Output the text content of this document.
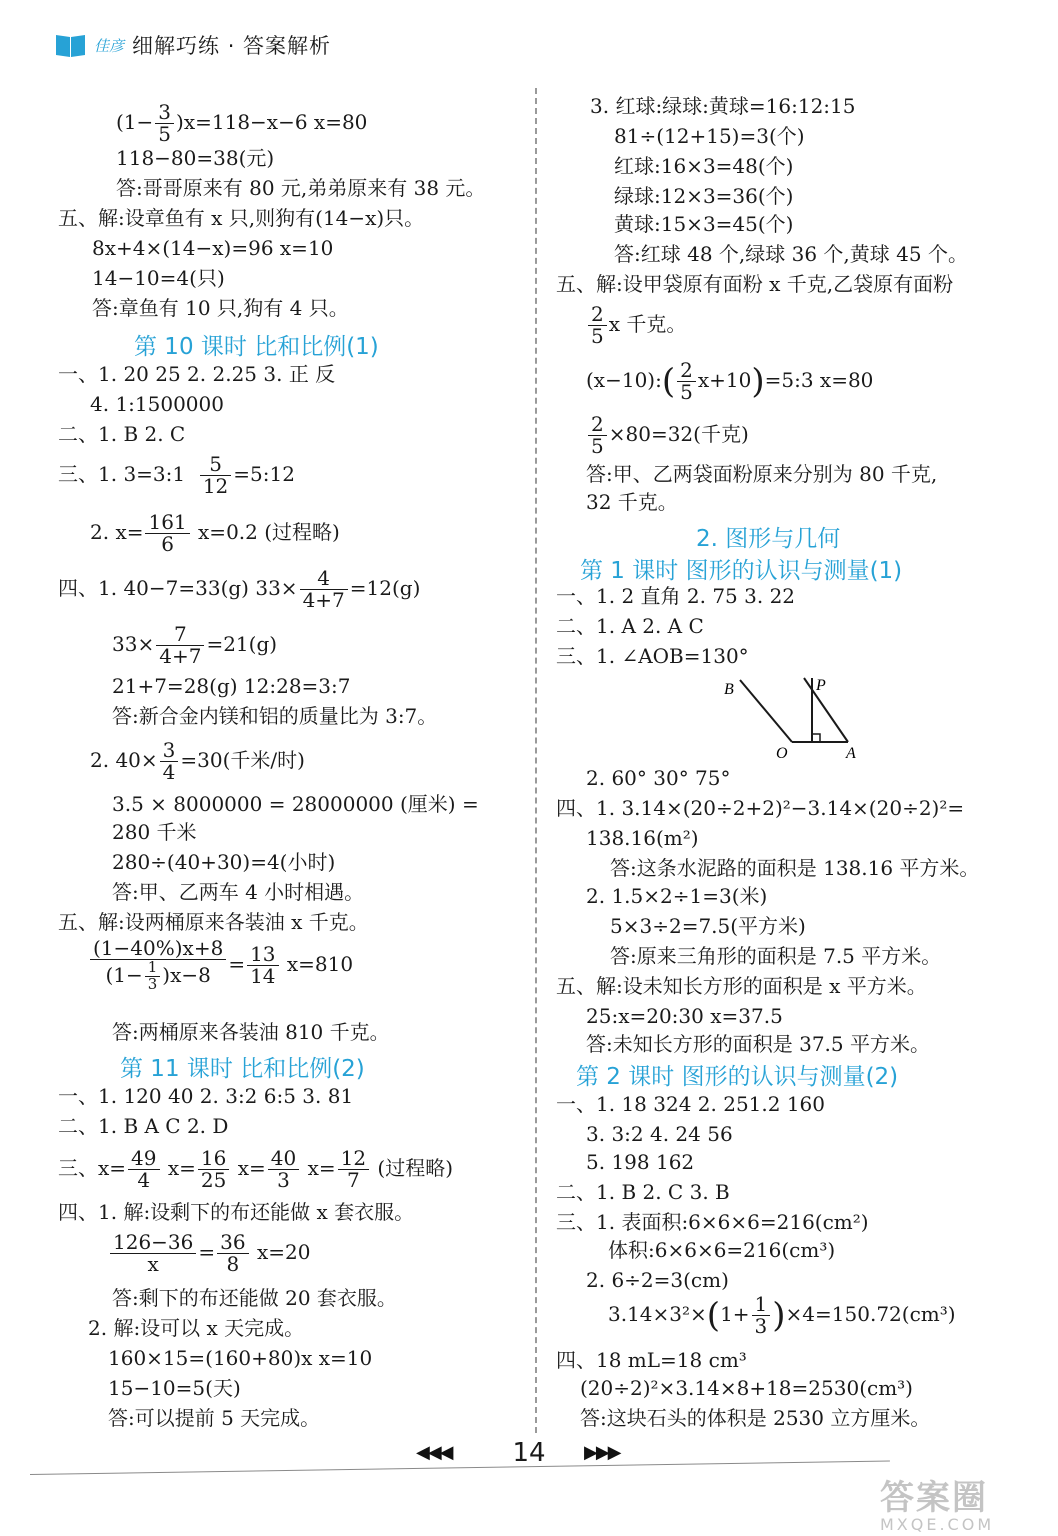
佳彦 细解巧练 · 答案解析
$(1- \frac{3}{5} )x=118-x-6$ x=80
118−80=38(元)
答:哥哥原来有 80 元,弟弟原来有 38 元。
五、解:设章鱼有 x 只,则狗有(14−x)只。
8x+4×(14−x)=96 x=10
14−10=4(只)
答:章鱼有 10 只,狗有 4 只。
第 10 课时 比和比例(1)
一、1. 20 25 2. 2.25 3. 正 反
4. 1:1500000
二、1. B 2. C
三、1. 3=3:1 $\frac{5}{12}$ =5:12
2. $x= \frac{161}{6} x=0.2$ (过程略)
四、1. 40−7=33(g) $33\times \frac{4}{4+7} =12(g)$
$33\times \frac{7}{4+7} =21(g)$
21+7=28(g) 12:28=3:7
答:新合金内镁和铝的质量比为 3:7。
2. $40\times \frac{3}{4} =30$(千米/时)
3.5 × 8000000 = 28000000 (厘米) =
280 千米
280÷(40+30)=4(小时)
答:甲、乙两车 4 小时相遇。
五、解:设两桶原来各装油 x 千克。
$\frac{(1-40\%)x+8}{(1- \frac{1}{3} )x-8} = \frac{13}{14} x=810$
答:两桶原来各装油 810 千克。
第 11 课时 比和比例(2)
一、1. 120 40 2. 3:2 6:5 3. 81
二、1. B A C 2. D
三、$x= \frac{49}{4} x= \frac{16}{25} x= \frac{40}{3} x= \frac{12}{7}$ (过程略)
四、1. 解:设剩下的布还能做 x 套衣服。
$\frac{126-36}{x} = \frac{36}{8} x=20$
答:剩下的布还能做 20 套衣服。
2. 解:设可以 x 天完成。
160×15=(160+80)x x=10
15−10=5(天)
答:可以提前 5 天完成。
3. 红球:绿球:黄球=16:12:15
81÷(12+15)=3(个)
红球:16×3=48(个)
绿球:12×3=36(个)
黄球:15×3=45(个)
答:红球 48 个,绿球 36 个,黄球 45 个。
五、解:设甲袋原有面粉 x 千克,乙袋原有面粉
$\frac{2}{5}$ x 千克。
(x−10):( $\frac{2}{5}$ x+10)=5:3 x=80
$\frac{2}{5} \times 80=32$(千克)
答:甲、乙两袋面粉原来分别为 80 千克,
32 千克。
2. 图形与几何
第 1 课时 图形的认识与测量(1)
一、1. 2 直角 2. 75 3. 22
二、1. A 2. A C
三、1. ∠AOB=130°
B	P
O	A
2. 60° 30° 75°
四、1. 3.14×(20÷2+2)²−3.14×(20÷2)²=
138.16(m²)
答:这条水泥路的面积是 138.16 平方米。
2. 1.5×2÷1=3(米)
5×3÷2=7.5(平方米)
答:原来三角形的面积是 7.5 平方米。
五、解:设未知长方形的面积是 x 平方米。
25:x=20:30 x=37.5
答:未知长方形的面积是 37.5 平方米。
第 2 课时 图形的认识与测量(2)
一、1. 18 324 2. 251.2 160
3. 3:2 4. 24 56
5. 198 162
二、1. B 2. C 3. B
三、1. 表面积:6×6×6=216(cm²)
体积:6×6×6=216(cm³)
2. 6÷2=3(cm)
$3.14\times 3^2\times(1+ \frac{1}{3} )\times 4=150.72(cm^3)$
四、18 mL=18 cm³
(20÷2)²×3.14×8+18=2530(cm³)
答:这块石头的体积是 2530 立方厘米。
◀◀◀	14	▶▶▶
答案圈
MXQE.COM
